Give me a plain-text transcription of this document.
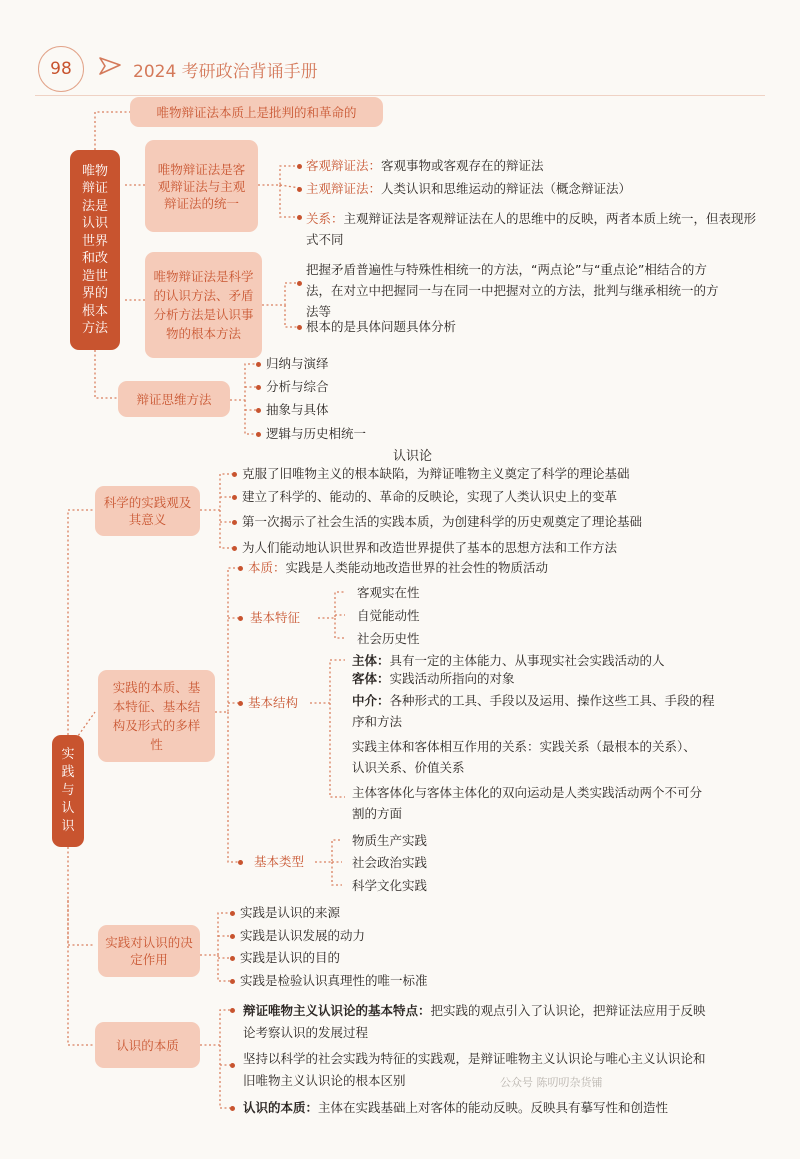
98	2024 考研政治背诵手册
唯物辩证法是认识世界和改造世界的根本方法
唯物辩证法本质上是批判的和革命的
唯物辩证法是客观辩证法与主观辩证法的统一
客观辩证法：客观事物或客观存在的辩证法
主观辩证法：人类认识和思维运动的辩证法（概念辩证法）
关系：主观辩证法是客观辩证法在人的思维中的反映，两者本质上统一，但表现形式不同
唯物辩证法是科学的认识方法、矛盾分析方法是认识事物的根本方法
把握矛盾普遍性与特殊性相统一的方法，“两点论”与“重点论”相结合的方法，在对立中把握同一与在同一中把握对立的方法，批判与继承相统一的方法等
根本的是具体问题具体分析
辩证思维方法
归纳与演绎
分析与综合
抽象与具体
逻辑与历史相统一
认识论
实践与认识
科学的实践观及其意义
克服了旧唯物主义的根本缺陷，为辩证唯物主义奠定了科学的理论基础
建立了科学的、能动的、革命的反映论，实现了人类认识史上的变革
第一次揭示了社会生活的实践本质，为创建科学的历史观奠定了理论基础
为人们能动地认识世界和改造世界提供了基本的思想方法和工作方法
实践的本质、基本特征、基本结构及形式的多样性
本质：实践是人类能动地改造世界的社会性的物质活动
基本特征
客观实在性
自觉能动性
社会历史性
基本结构
主体：具有一定的主体能力、从事现实社会实践活动的人
客体：实践活动所指向的对象
中介：各种形式的工具、手段以及运用、操作这些工具、手段的程序和方法
实践主体和客体相互作用的关系：实践关系（最根本的关系）、认识关系、价值关系
主体客体化与客体主体化的双向运动是人类实践活动两个不可分割的方面
基本类型
物质生产实践
社会政治实践
科学文化实践
实践对认识的决定作用
实践是认识的来源
实践是认识发展的动力
实践是认识的目的
实践是检验认识真理性的唯一标准
认识的本质
辩证唯物主义认识论的基本特点：把实践的观点引入了认识论，把辩证法应用于反映论考察认识的发展过程
坚持以科学的社会实践为特征的实践观，是辩证唯物主义认识论与唯心主义认识论和旧唯物主义认识论的根本区别
认识的本质：主体在实践基础上对客体的能动反映。反映具有摹写性和创造性
公众号 陈叨叨杂货铺
